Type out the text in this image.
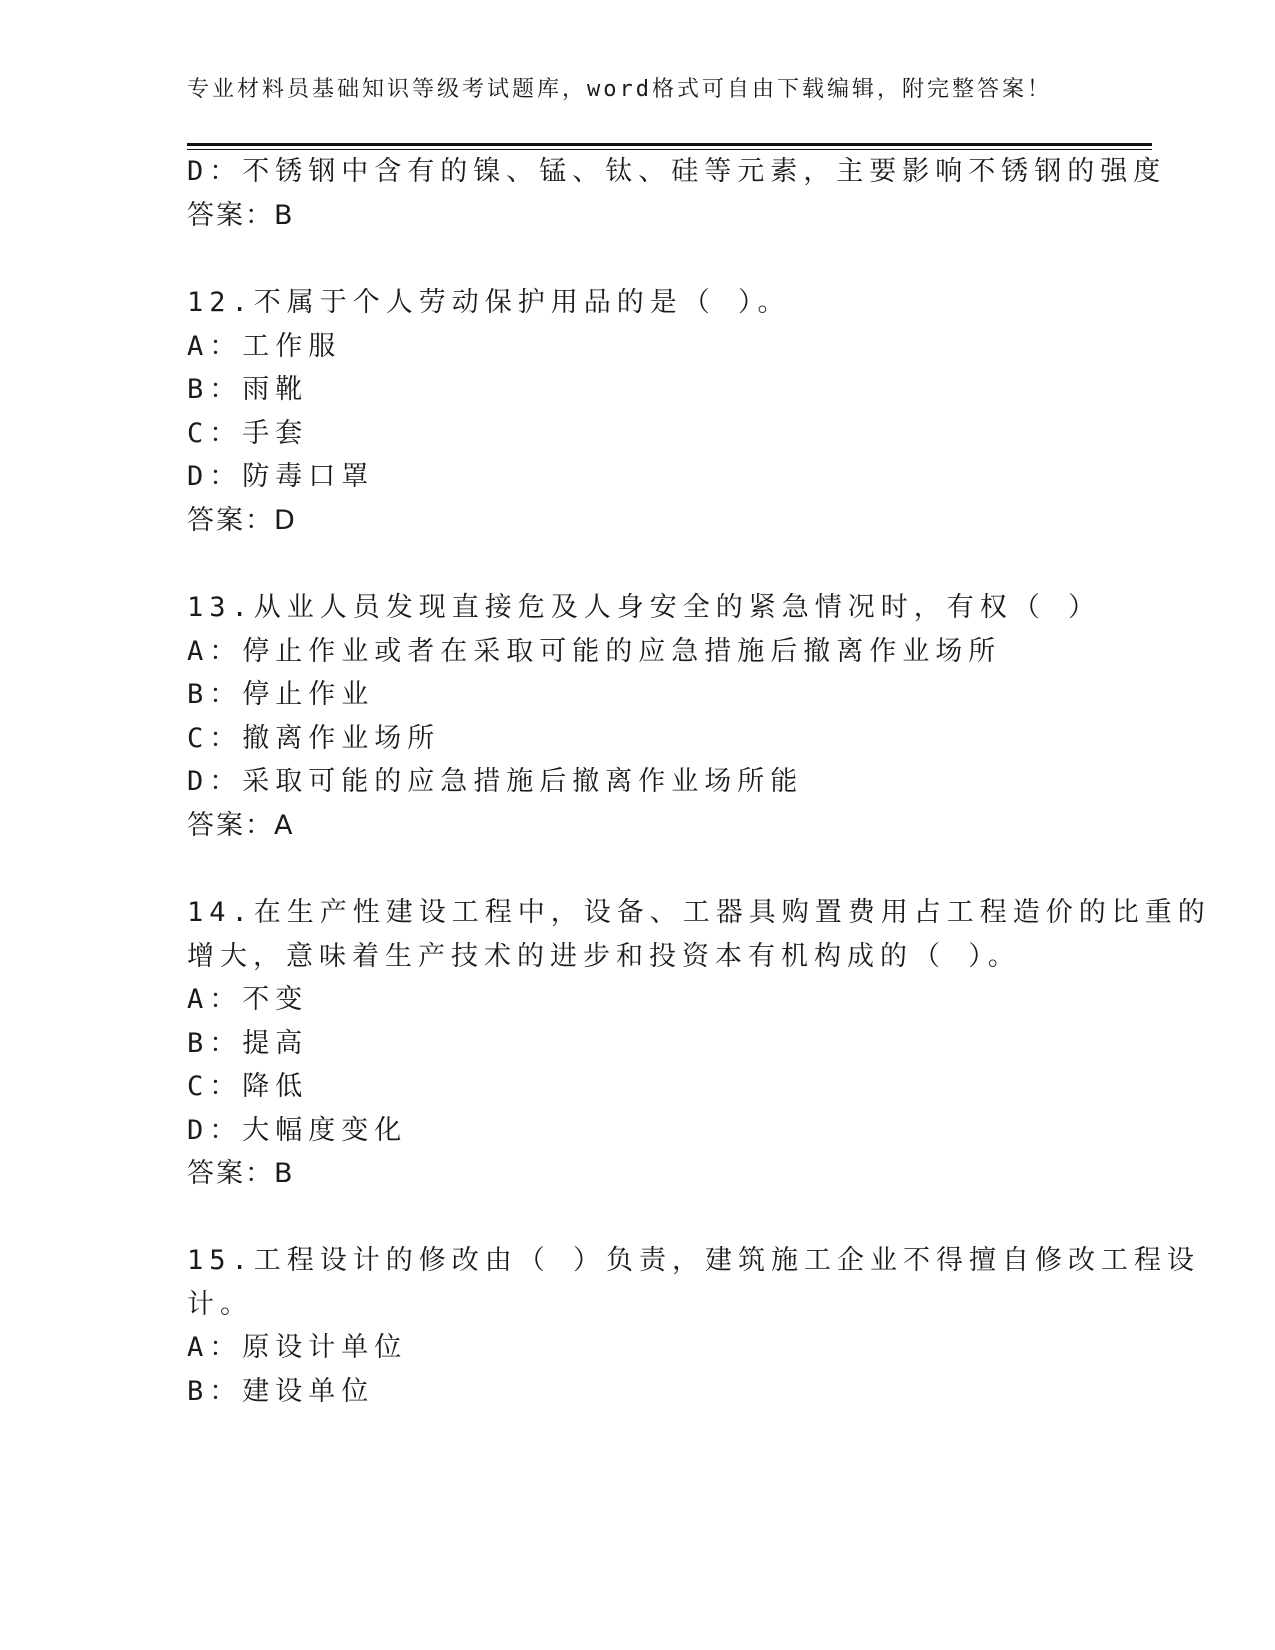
专业材料员基础知识等级考试题库，word格式可自由下载编辑，附完整答案！
D：不锈钢中含有的镍、锰、钛、硅等元素，主要影响不锈钢的强度
答案：B
12.不属于个人劳动保护用品的是（ ）。
A：工作服
B：雨靴
C：手套
D：防毒口罩
答案：D
13.从业人员发现直接危及人身安全的紧急情况时，有权（ ）
A：停止作业或者在采取可能的应急措施后撤离作业场所
B：停止作业
C：撤离作业场所
D：采取可能的应急措施后撤离作业场所能
答案：A
14.在生产性建设工程中，设备、工器具购置费用占工程造价的比重的
增大，意味着生产技术的进步和投资本有机构成的（ ）。
A：不变
B：提高
C：降低
D：大幅度变化
答案：B
15.工程设计的修改由（ ）负责，建筑施工企业不得擅自修改工程设
计。
A：原设计单位
B：建设单位
